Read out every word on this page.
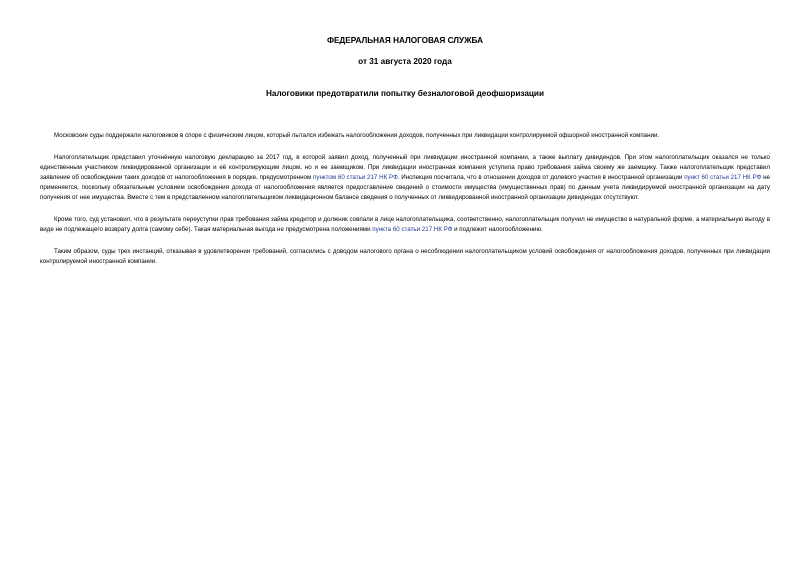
ФЕДЕРАЛЬНАЯ НАЛОГОВАЯ СЛУЖБА

от 31 августа 2020 года

Налоговики предотвратили попытку безналоговой деофшоризации

Московские суды поддержали налоговиков в споре с физическим лицом, который пытался избежать налогообложения доходов, полученных при ликвидации контролируемой офшорной иностранной компании.

Налогоплательщик представил уточнённую налоговую декларацию за 2017 год, в которой заявил доход, полученный при ликвидации иностранной компании, а также выплату дивидендов. При этом налогоплательщик оказался не только единственным участником ликвидированной организации и её контролирующим лицом, но и ее заемщиком. При ликвидации иностранная компания уступила право требования займа своему же заемщику. Также налогоплательщик представил заявление об освобождении таких доходов от налогообложения в порядке, предусмотренном пунктом 60 статьи 217 НК РФ. Инспекция посчитала, что в отношении доходов от долевого участия в иностранной организации пункт 60 статьи 217 НК РФ не применяется, поскольку обязательным условием освобождения дохода от налогообложения является предоставление сведений о стоимости имущества (имущественных прав) по данным учета ликвидируемой иностранной организации на дату получения от нее имущества. Вместе с тем в представленном налогоплательщиком ликвидационном балансе сведения о полученных от ликвидированной иностранной организации дивидендах отсутствуют.

Кроме того, суд установил, что в результате переуступки прав требования займа кредитор и должник совпали в лице налогоплательщика, соответственно, налогоплательщик получил не имущество в натуральной форме, а материальную выгоду в виде не подлежащего возврату долга (самому себе). Такая материальная выгода не предусмотрена положениями пункта 60 статьи 217 НК РФ и подлежит налогообложению.

Таким образом, суды трех инстанций, отказывая в удовлетворении требований, согласились с доводом налогового органа о несоблюдении налогоплательщиком условий освобождения от налогообложения доходов, полученных при ликвидации контролируемой иностранной компании.
